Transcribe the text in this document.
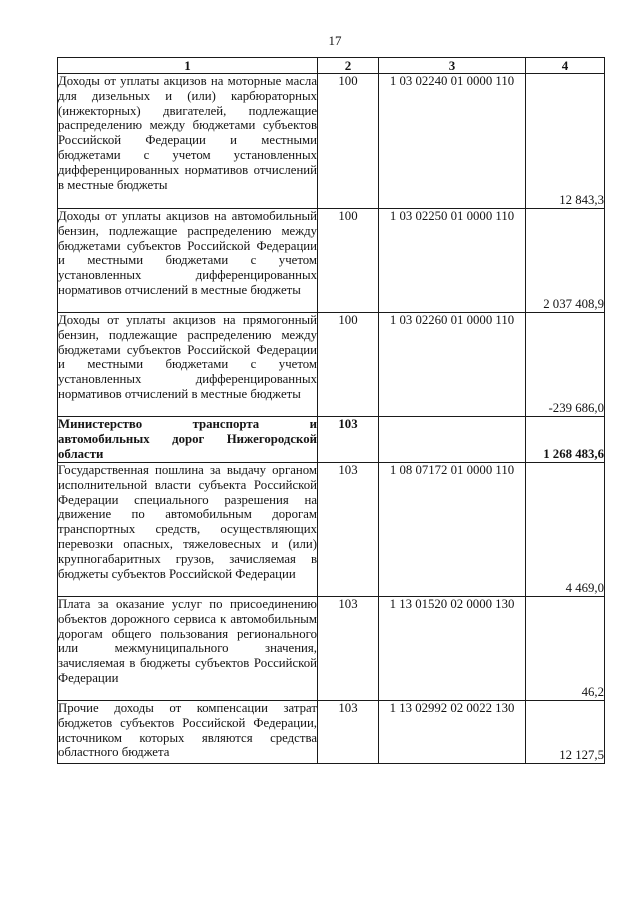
17
1	2	3	4
Доходы от уплаты акцизов на моторные масла для дизельных и (или) карбюраторных (инжекторных) двигателей, подлежащие распределению между бюджетами субъектов Российской Федерации и местными бюджетами с учетом установленных дифференцированных нормативов отчислений в местные бюджеты	100	1 03 02240 01 0000 110	12 843,3
Доходы от уплаты акцизов на автомобильный бензин, подлежащие распределению между бюджетами субъектов Российской Федерации и местными бюджетами с учетом установленных дифференцированных нормативов отчислений в местные бюджеты	100	1 03 02250 01 0000 110	2 037 408,9
Доходы от уплаты акцизов на прямогонный бензин, подлежащие распределению между бюджетами субъектов Российской Федерации и местными бюджетами с учетом установленных дифференцированных нормативов отчислений в местные бюджеты	100	1 03 02260 01 0000 110	-239 686,0
Министерство транспорта и автомобильных дорог Нижегородской области	103		1 268 483,6
Государственная пошлина за выдачу органом исполнительной власти субъекта Российской Федерации специального разрешения на движение по автомобильным дорогам транспортных средств, осуществляющих перевозки опасных, тяжеловесных и (или) крупногабаритных грузов, зачисляемая в бюджеты субъектов Российской Федерации	103	1 08 07172 01 0000 110	4 469,0
Плата за оказание услуг по присоединению объектов дорожного сервиса к автомобильным дорогам общего пользования регионального или межмуниципального значения, зачисляемая в бюджеты субъектов Российской Федерации	103	1 13 01520 02 0000 130	46,2
Прочие доходы от компенсации затрат бюджетов субъектов Российской Федерации, источником которых являются средства областного бюджета	103	1 13 02992 02 0022 130	12 127,5
